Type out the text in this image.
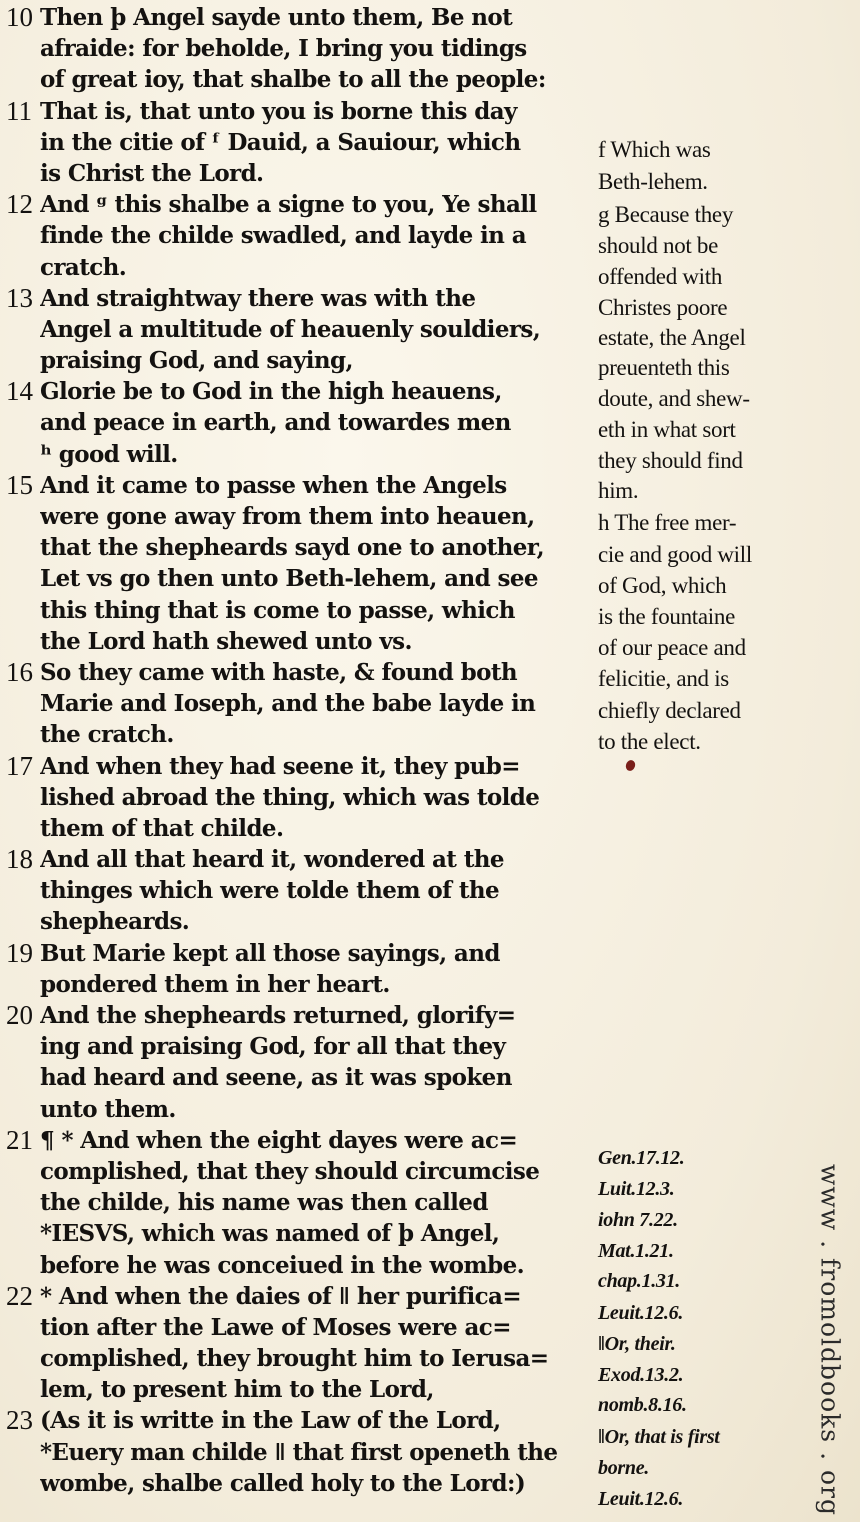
10 Then þ Angel sayde unto them, Be not
afraide: for beholde, I bring you tidings
of great ioy, that shalbe to all the people:
11 That is, that unto you is borne this day
in the citie of ᶠ Dauid, a Sauiour, which
is Christ the Lord.
12 And ᵍ this shalbe a signe to you, Ye shall
finde the childe swadled, and layde in a
cratch.
13 And straightway there was with the
Angel a multitude of heauenly souldiers,
praising God, and saying,
14 Glorie be to God in the high heauens,
and peace in earth, and towardes men
ʰ good will.
15 And it came to passe when the Angels
were gone away from them into heauen,
that the shepheards sayd one to another,
Let vs go then unto Beth-lehem, and see
this thing that is come to passe, which
the Lord hath shewed unto vs.
16 So they came with haste, & found both
Marie and Ioseph, and the babe layde in
the cratch.
17 And when they had seene it, they pub=
lished abroad the thing, which was tolde
them of that childe.
18 And all that heard it, wondered at the
thinges which were tolde them of the
shepheards.
19 But Marie kept all those sayings, and
pondered them in her heart.
20 And the shepheards returned, glorify=
ing and praising God, for all that they
had heard and seene, as it was spoken
unto them.
21 ¶ * And when the eight dayes were ac=
complished, that they should circumcise
the childe, his name was then called
*IESVS, which was named of þ Angel,
before he was conceiued in the wombe.
22 * And when the daies of ǁ her purifica=
tion after the Lawe of Moses were ac=
complished, they brought him to Ierusa=
lem, to present him to the Lord,
23 (As it is writte in the Law of the Lord,
*Euery man childe ǁ that first openeth the
wombe, shalbe called holy to the Lord:)
f Which was
Beth-lehem.
g Because they
should not be
offended with
Christes poore
estate, the Angel
preuenteth this
doute, and shew-
eth in what sort
they should find
him.
h The free mer-
cie and good will
of God, which
is the fountaine
of our peace and
felicitie, and is
chiefly declared
to the elect.
Gen.17.12.
Luit.12.3.
iohn 7.22.
Mat.1.21.
chap.1.31.
Leuit.12.6.
ǁOr, their.
Exod.13.2.
nomb.8.16.
ǁOr, that is first
borne.
Leuit.12.6.	www . fromoldbooks . org
